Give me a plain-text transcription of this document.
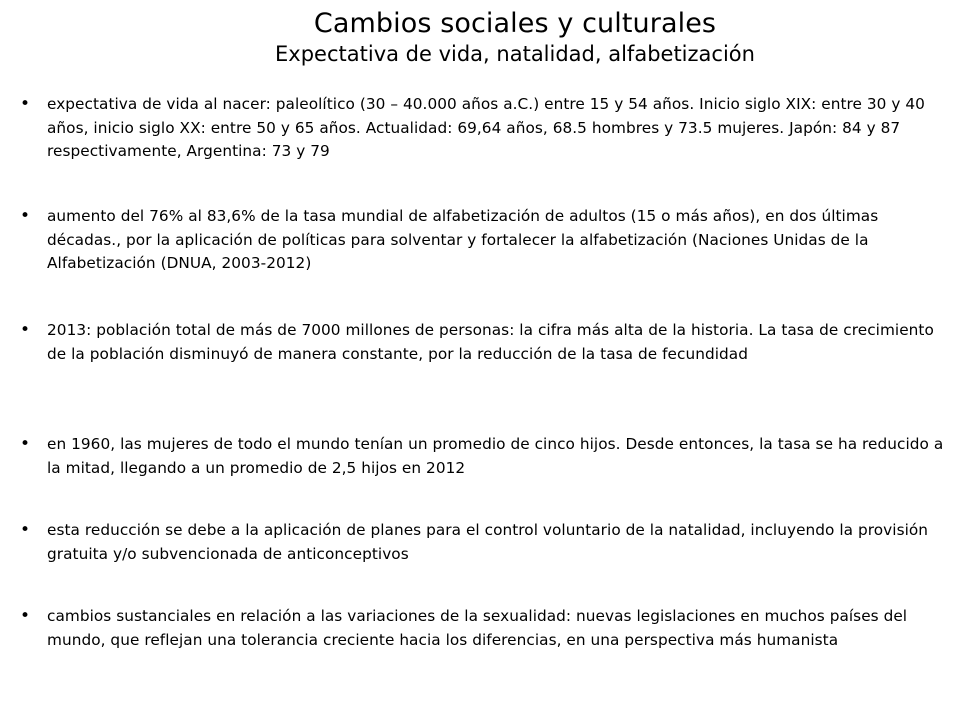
Cambios sociales y culturales
Expectativa de vida, natalidad, alfabetización
• expectativa de vida al nacer: paleolítico (30 – 40.000 años a.C.) entre 15 y 54 años. Inicio siglo XIX: entre 30 y 40 años, inicio siglo XX: entre 50 y 65 años. Actualidad: 69,64 años, 68.5 hombres y 73.5 mujeres. Japón: 84 y 87 respectivamente, Argentina: 73 y 79
• aumento del 76% al 83,6% de la tasa mundial de alfabetización de adultos (15 o más años), en dos últimas décadas., por la aplicación de políticas para solventar y fortalecer la alfabetización (Naciones Unidas de la Alfabetización (DNUA, 2003-2012)
• 2013: población total de más de 7000 millones de personas: la cifra más alta de la historia. La tasa de crecimiento de la población disminuyó de manera constante, por la reducción de la tasa de fecundidad
• en 1960, las mujeres de todo el mundo tenían un promedio de cinco hijos. Desde entonces, la tasa se ha reducido a la mitad, llegando a un promedio de 2,5 hijos en 2012
• esta reducción se debe a la aplicación de planes para el control voluntario de la natalidad, incluyendo la provisión gratuita y/o subvencionada de anticonceptivos
• cambios sustanciales en relación a las variaciones de la sexualidad: nuevas legislaciones en muchos países del mundo, que reflejan una tolerancia creciente hacia los diferencias, en una perspectiva más humanista
